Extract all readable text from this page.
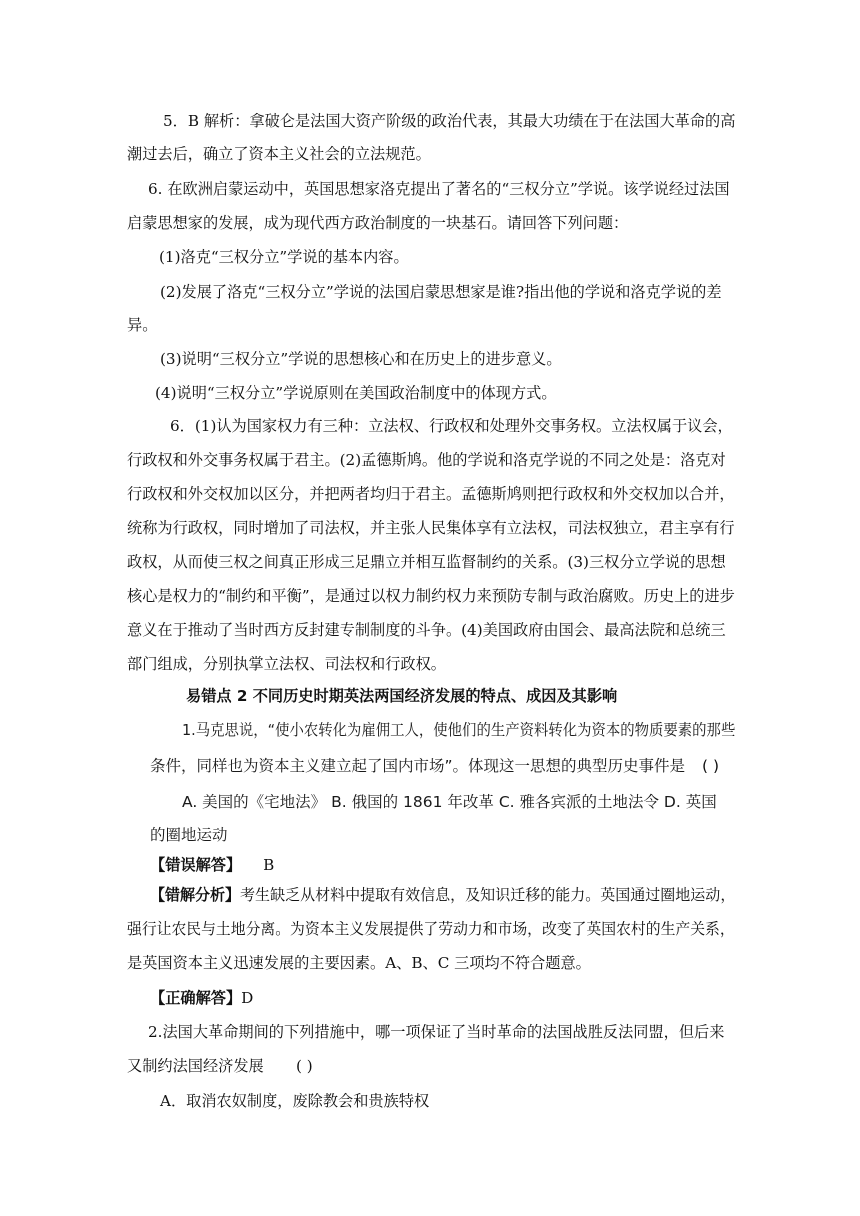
5．B 解析：拿破仑是法国大资产阶级的政治代表，其最大功绩在于在法国大革命的高
潮过去后，确立了资本主义社会的立法规范。
6. 在欧洲启蒙运动中，英国思想家洛克提出了著名的“三权分立”学说。该学说经过法国
启蒙思想家的发展，成为现代西方政治制度的一块基石。请回答下列问题：
(1)洛克“三权分立”学说的基本内容。
(2)发展了洛克“三权分立”学说的法国启蒙思想家是谁?指出他的学说和洛克学说的差
异。
(3)说明“三权分立”学说的思想核心和在历史上的进步意义。
(4)说明“三权分立”学说原则在美国政治制度中的体现方式。
6．(1)认为国家权力有三种：立法权、行政权和处理外交事务权。立法权属于议会，
行政权和外交事务权属于君主。(2)孟德斯鸠。他的学说和洛克学说的不同之处是：洛克对
行政权和外交权加以区分，并把两者均归于君主。孟德斯鸠则把行政权和外交权加以合并，
统称为行政权，同时增加了司法权，并主张人民集体享有立法权，司法权独立，君主享有行
政权，从而使三权之间真正形成三足鼎立并相互监督制约的关系。(3)三权分立学说的思想
核心是权力的“制约和平衡”，是通过以权力制约权力来预防专制与政治腐败。历史上的进步
意义在于推动了当时西方反封建专制制度的斗争。(4)美国政府由国会、最高法院和总统三
部门组成，分别执掌立法权、司法权和行政权。
易错点 2 不同历史时期英法两国经济发展的特点、成因及其影响
1.马克思说，“使小农转化为雇佣工人，使他们的生产资料转化为资本的物质要素的那些
条件，同样也为资本主义建立起了国内市场”。体现这一思想的典型历史事件是 ( )
A. 美国的《宅地法》 B. 俄国的 1861 年改革 C. 雅各宾派的土地法令 D. 英国
的圈地运动
【错误解答】 B
【错解分析】考生缺乏从材料中提取有效信息，及知识迁移的能力。英国通过圈地运动，
强行让农民与土地分离。为资本主义发展提供了劳动力和市场，改变了英国农村的生产关系，
是英国资本主义迅速发展的主要因素。A、B、C 三项均不符合题意。
【正确解答】D
2.法国大革命期间的下列措施中，哪一项保证了当时革命的法国战胜反法同盟，但后来
又制约法国经济发展 ( )
A．取消农奴制度，废除教会和贵族特权
